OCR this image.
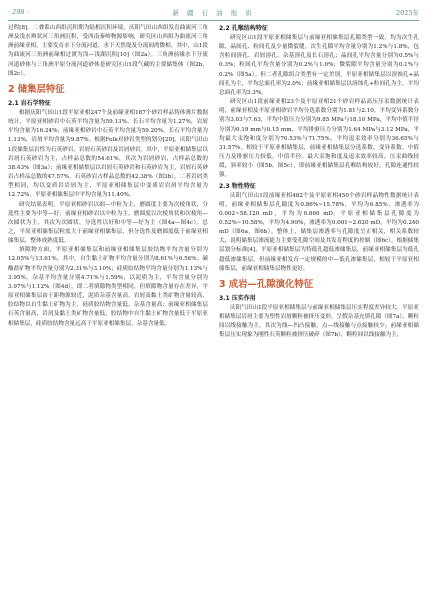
· 298 ·	新 疆 石 油 地 质	2025年

过程[8]。二叠系山西组沉积期为陆相沉积环境，庆阳气田山西组发育曲流河三角洲及浅水辫状河三角洲沉积，受西南秦岭物源影响，研究区山西组为曲流河三角洲前缘亚相，主要发育水下分流河道、水下天然堤及分流间湾微相。其中，山1段为曲流河三角洲前缘相过渡为浅—浅湖沉积[10]（图2a）。三角洲前缘水下分流河道砂体与三角洲平原分流河道砂体是研究区山1段气藏的主要储集体（图2b，图2c）。

2 储集层特征
2.1 岩石学特征

根据庆阳气田山1段平原亚相247个及前缘亚相187个砂岩样品铸体薄片数据统计，平原亚相砂岩中石英平均含量为59.13%，长石平均含量为1.27%，岩屑平均含量为16.24%；前缘亚相砂岩中石英平均含量为59.20%，长石平均含量为1.13%，岩屑平均含量为9.87%。根据Folk对砂岩类型的划分[20]，庆阳气田山1段储集层岩性为石英砂岩、岩屑石英砂岩及岩屑砂岩。其中，平原亚相储集层以岩屑石英砂岩为主，占样品总数的54.61%，其次为岩屑砂岩，占样品总数的38.43%（图3a）；前缘亚相储集层以岩屑石英砂岩和石英砂岩为主，岩屑石英砂岩占样品总数的47.57%，石英砂岩占样品总数的42.38%（图3b）。二者岩屑类型相同，均以变质岩岩屑为主，平原亚相储集层中变质岩岩屑平均含量为12.72%，平原亚相储集层中平均含量为11.40%。

研究结果表明，平原亚相砂岩以细—中粒为主，磨圆度主要为次棱角状，分选性主要为中等—好；前缘亚相砂岩以中粒为主，磨圆度以次棱角状和次棱角—次圆状为主，其次为次圆状，分选性以好和中等—好为主（图4a—图4c）。总之，平原亚相储集层粒度大于前缘亚相储集层，但分选性及磨圆度低于前缘亚相储集层，整体成熟度低。

填隙物方面，平原亚相储集层和前缘亚相储集层胶结物平均含量分别为12.05%与13.61%，其中，自生黏土矿物平均含量分别为8.61%与6.56%；碳酸盐矿物平均含量分别为2.31%与3.10%；硅质胶结物平均含量分别为1.13%与3.95%。杂基平均含量分别4.71%与1.59%，以泥质为主，平均含量分别为3.97%与1.12%（图4d）。即二者填隙物类型相同，但填隙物含量存在差异，平原亚相储集层由于距物源较近，泥质杂基含量高，岩屑及黏土类矿物含量较高，胶结物以自生黏土矿物为主，硅质胶结物含量低，杂基含量高；前缘亚相储集层石英含量高，岩屑及黏土类矿物含量低，胶结物中自生黏土矿物含量低于平原亚相储集层，硅质胶结物含量远高于平原亚相储集层，杂基含量低。

2.2 孔喉结构特征

研究区山1段平原亚相储集层与前缘亚相储集层孔隙类型一致，均为次生孔隙，晶间孔、粒间孔及少量微裂缝。次生孔隙平均含量分别为1.2%与1.8%，包含粒间溶孔、岩屑溶孔、杂基溶孔及长石溶孔；晶间孔平均含量分别为0.5%与0.3%；粒间孔平均含量分别为0.2%与1.0%；微裂隙平均含量分别为0.1%与0.2%（图5a）。但二者孔隙组合类型有一定差别，平原亚相储集层以溶蚀孔+晶间孔为主，平均总面孔率为2.0%；前缘亚相储集层以溶蚀孔+粒间孔为主，平均总面孔率为3.3%。

研究区山1段前缘亚相23个及平原亚相21个砂岩样品高压压汞数据统计表明，前缘亚相及平原亚相砂岩平均分选系数分别为1.81与2.10，平均变异系数分别为3.03与7.63，平均中值压力分别为9.85 MPa与18.10 MPa，平均中值半径分别为0.19 mm与0.15 mm，平均排驱压力分别为1.64 MPa与3.12 MPa，平均最大汞饱和度分别为76.53%与71.75%，平均退汞效率分别为36.65%与31.57%。相较于平原亚相储集层，前缘亚相储集层分选系数、变异系数、中值压力及排驱压力较低，中值半径、最大汞饱和度及退汞效率较高，压汞曲线较缓，斜率较小（图5b，图5c），即前缘亚相储集层孔喉结构较好，孔隙连通性较强。

2.3 物性特征

庆阳气田山1段前缘亚相482个及平原亚相450个砂岩样品物性数据统计表明，前缘亚相储集层孔隙度为0.86%~15.78%，平均为6.85%，渗透率为0.002~58.120 mD，平均为0.860 mD；平原亚相储集层孔隙度为0.52%~10.58%，平均为4.99%，渗透率为0.001~2.620 mD，平均为0.240 mD（图6a，图6b）。整体上，储集层渗透率与孔隙度呈正相关，相关系数较大，说明储集层渗流能力主要受孔隙空间及其发育程度的控制（图6c）。根据储集层划分标准[4]，平原亚相储集层为特低孔超低渗储集层，前缘亚相储集层为低孔超低渗储集层，但前缘亚相发育一定规模的中—低孔渗储集层，相较于平原亚相储集层，前缘亚相储集层物性更好。

3 成岩—孔隙演化特征
3.1 压实作用

庆阳气田山1段平原亚相储集层与前缘亚相储集层压实程度差异较大。平原亚相储集层岩屑主要为塑性岩屑颗粒被挤压变形，呈假杂基充填孔隙（图7a），颗粒间以线接触为主，其次为线—凹凸接触，点—线接触与点接触较少；前缘亚相储集层压实现象为刚性石英颗粒被挤压破碎（图7b），颗粒间以线接触为主，
